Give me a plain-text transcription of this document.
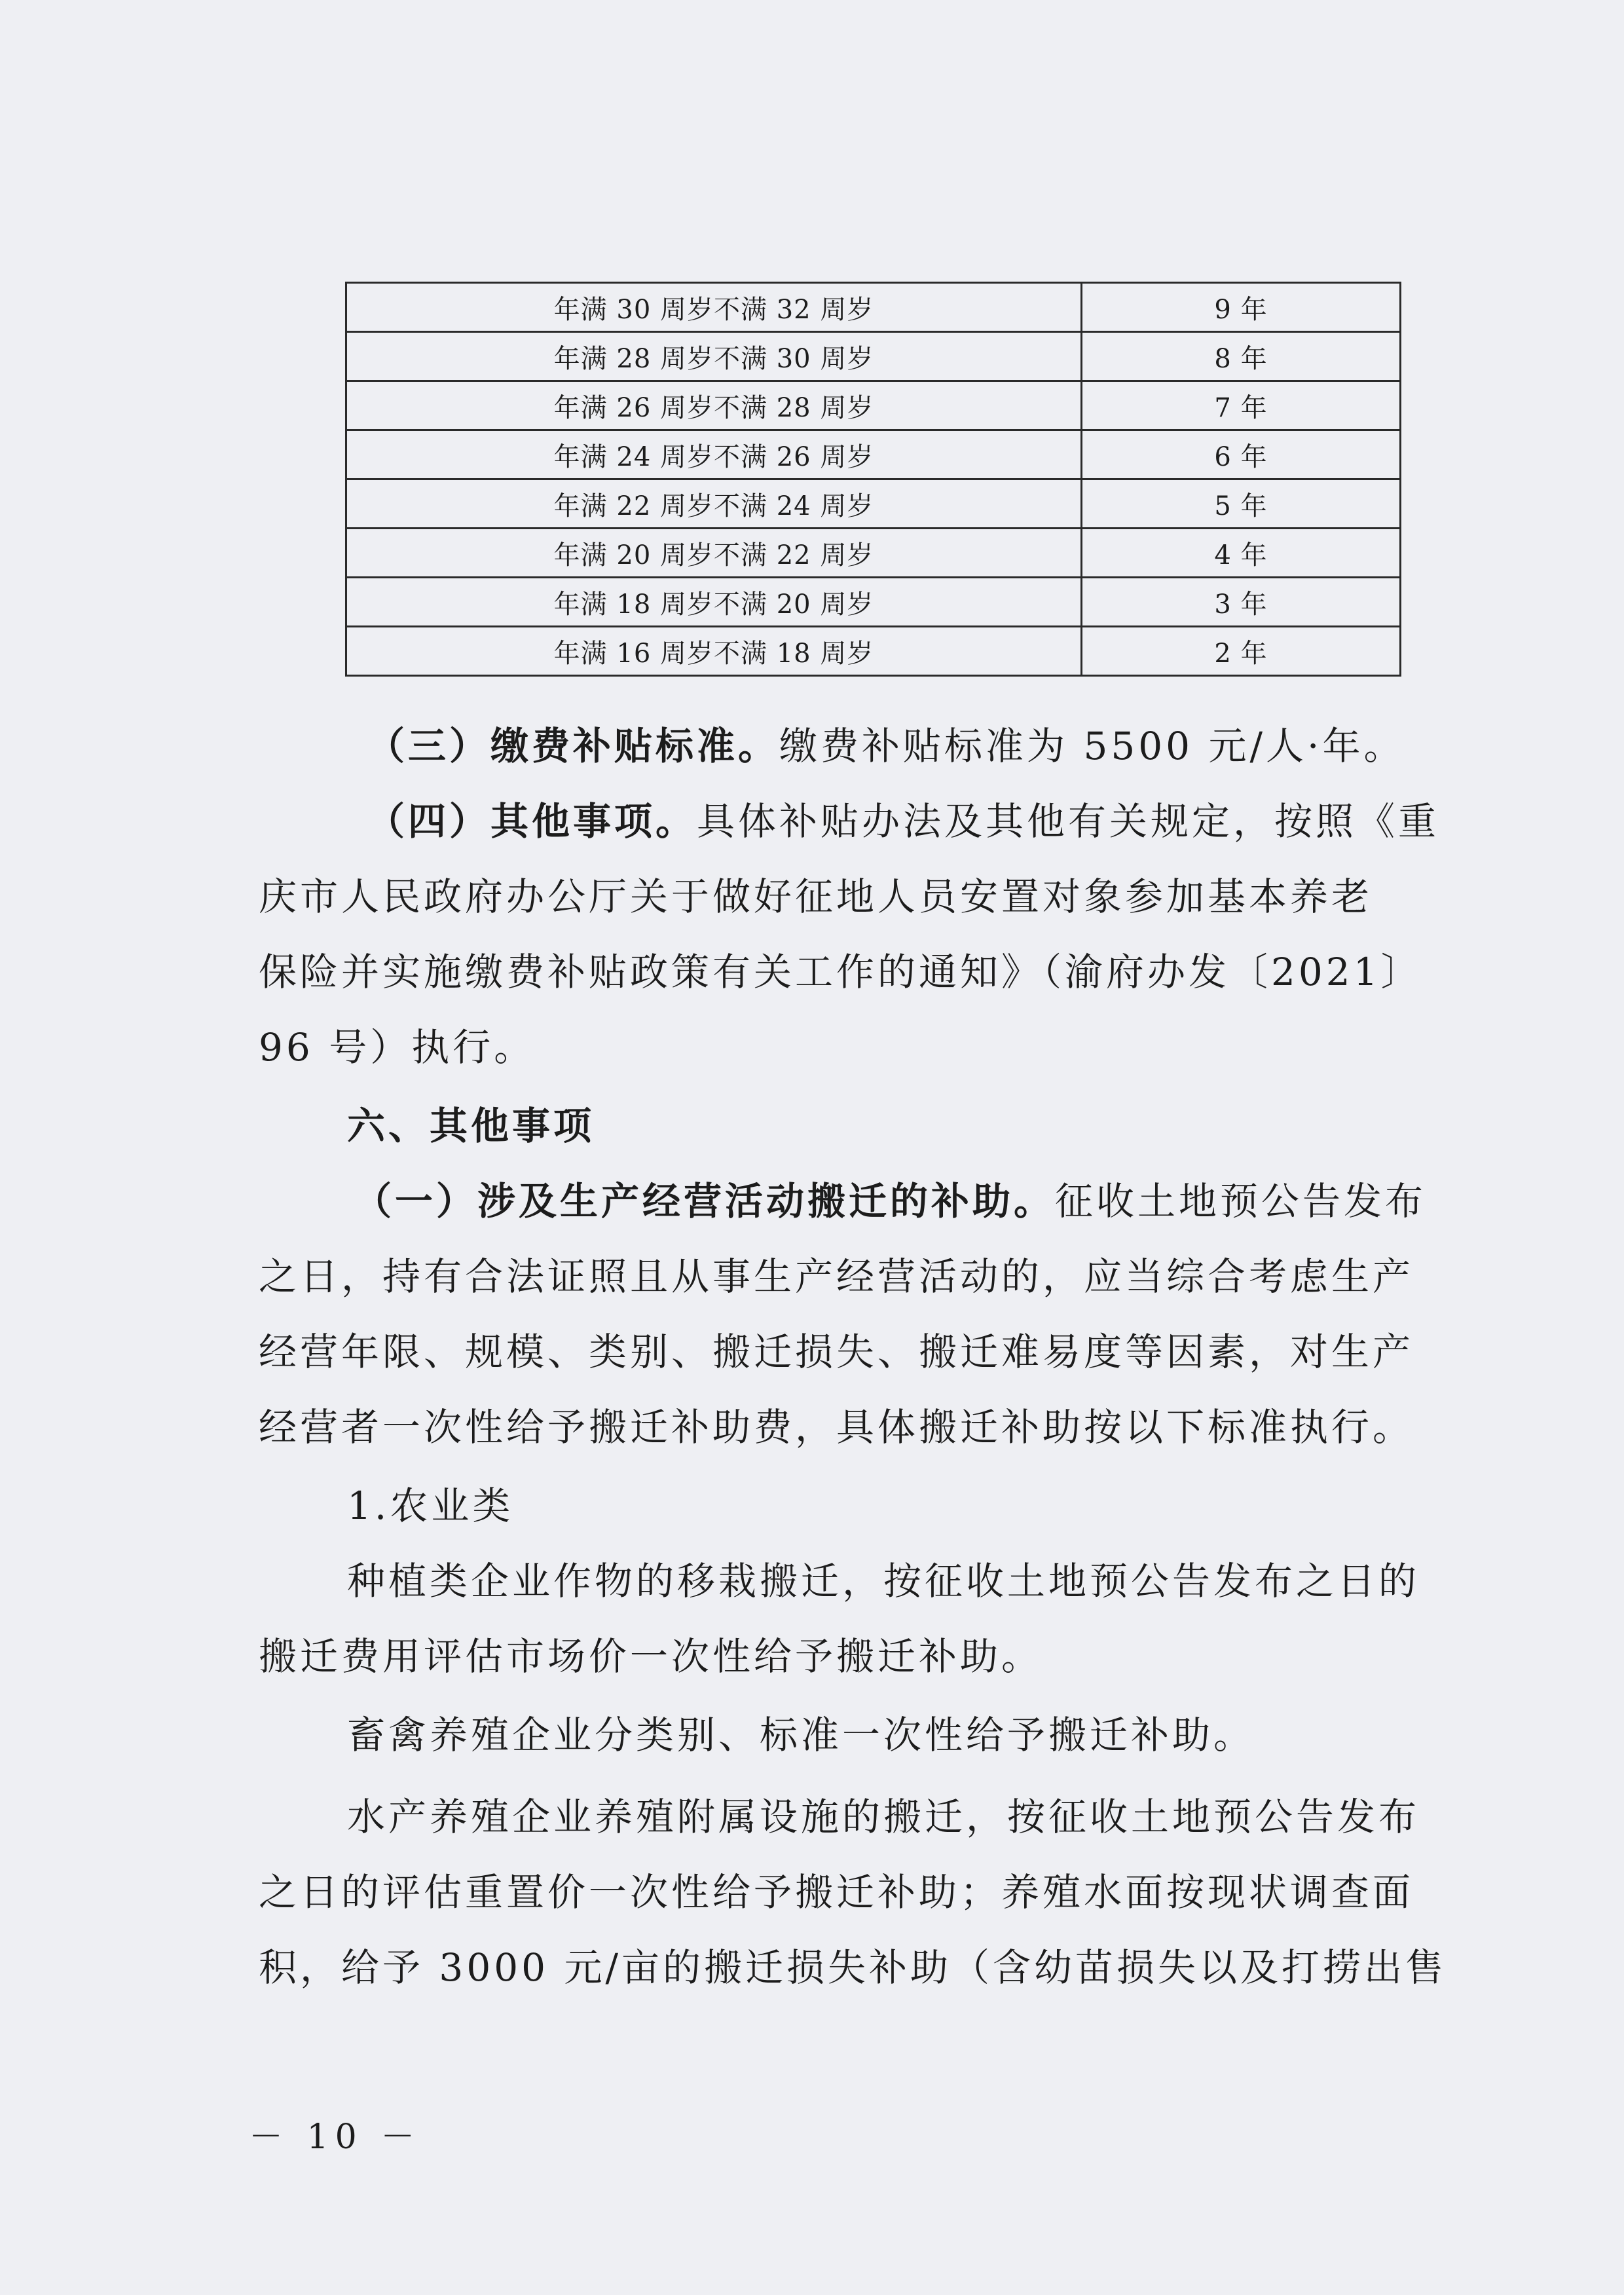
年满 30 周岁不满 32 周岁	9 年
年满 28 周岁不满 30 周岁	8 年
年满 26 周岁不满 28 周岁	7 年
年满 24 周岁不满 26 周岁	6 年
年满 22 周岁不满 24 周岁	5 年
年满 20 周岁不满 22 周岁	4 年
年满 18 周岁不满 20 周岁	3 年
年满 16 周岁不满 18 周岁	2 年
（三）缴费补贴标准。缴费补贴标准为 5500 元/人·年。
（四）其他事项。具体补贴办法及其他有关规定，按照《重
庆市人民政府办公厅关于做好征地人员安置对象参加基本养老
保险并实施缴费补贴政策有关工作的通知》（渝府办发〔2021〕
96 号）执行。
六、其他事项
（一）涉及生产经营活动搬迁的补助。征收土地预公告发布
之日，持有合法证照且从事生产经营活动的，应当综合考虑生产
经营年限、规模、类别、搬迁损失、搬迁难易度等因素，对生产
经营者一次性给予搬迁补助费，具体搬迁补助按以下标准执行。
1.农业类
种植类企业作物的移栽搬迁，按征收土地预公告发布之日的
搬迁费用评估市场价一次性给予搬迁补助。
畜禽养殖企业分类别、标准一次性给予搬迁补助。
水产养殖企业养殖附属设施的搬迁，按征收土地预公告发布
之日的评估重置价一次性给予搬迁补助；养殖水面按现状调查面
积，给予 3000 元/亩的搬迁损失补助（含幼苗损失以及打捞出售
－ 10 －
